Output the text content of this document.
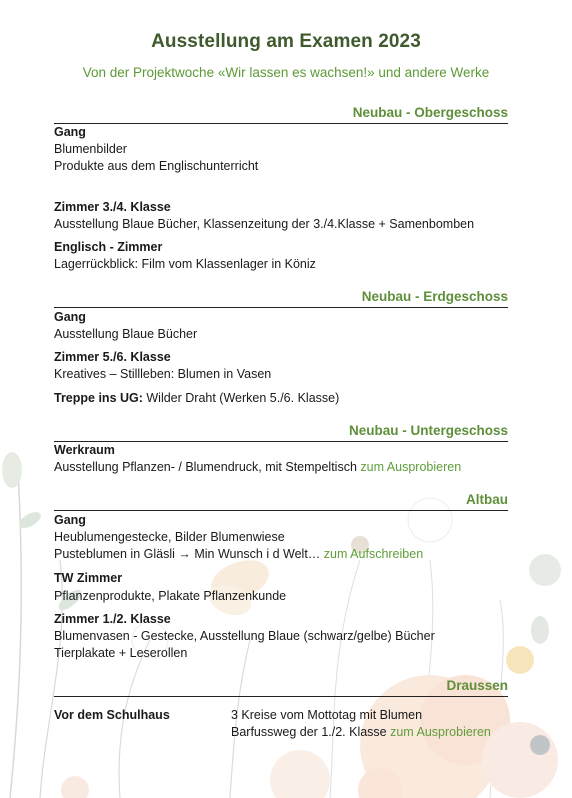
Ausstellung am Examen 2023
Von der Projektwoche «Wir lassen es wachsen!» und andere Werke
Neubau - Obergeschoss
Gang
Blumenbilder
Produkte aus dem Englischunterricht
Zimmer 3./4. Klasse
Ausstellung Blaue Bücher, Klassenzeitung der 3./4.Klasse + Samenbomben
Englisch - Zimmer
Lagerrückblick: Film vom Klassenlager in Köniz
Neubau - Erdgeschoss
Gang
Ausstellung Blaue Bücher
Zimmer 5./6. Klasse
Kreatives – Stillleben: Blumen in Vasen
Treppe ins UG: Wilder Draht (Werken 5./6. Klasse)
Neubau - Untergeschoss
Werkraum
Ausstellung Pflanzen- / Blumendruck, mit Stempeltisch zum Ausprobieren
Altbau
Gang
Heublumengestecke, Bilder Blumenwiese
Pusteblumen in Gläsli → Min Wunsch i d Welt… zum Aufschreiben
TW Zimmer
Pflanzenprodukte, Plakate Pflanzenkunde
Zimmer 1./2. Klasse
Blumenvasen - Gestecke, Ausstellung Blaue (schwarz/gelbe) Bücher
Tierplakate + Leserollen
Draussen
Vor dem Schulhaus	3 Kreise vom Mottotag mit Blumen
Barfussweg der 1./2. Klasse zum Ausprobieren
